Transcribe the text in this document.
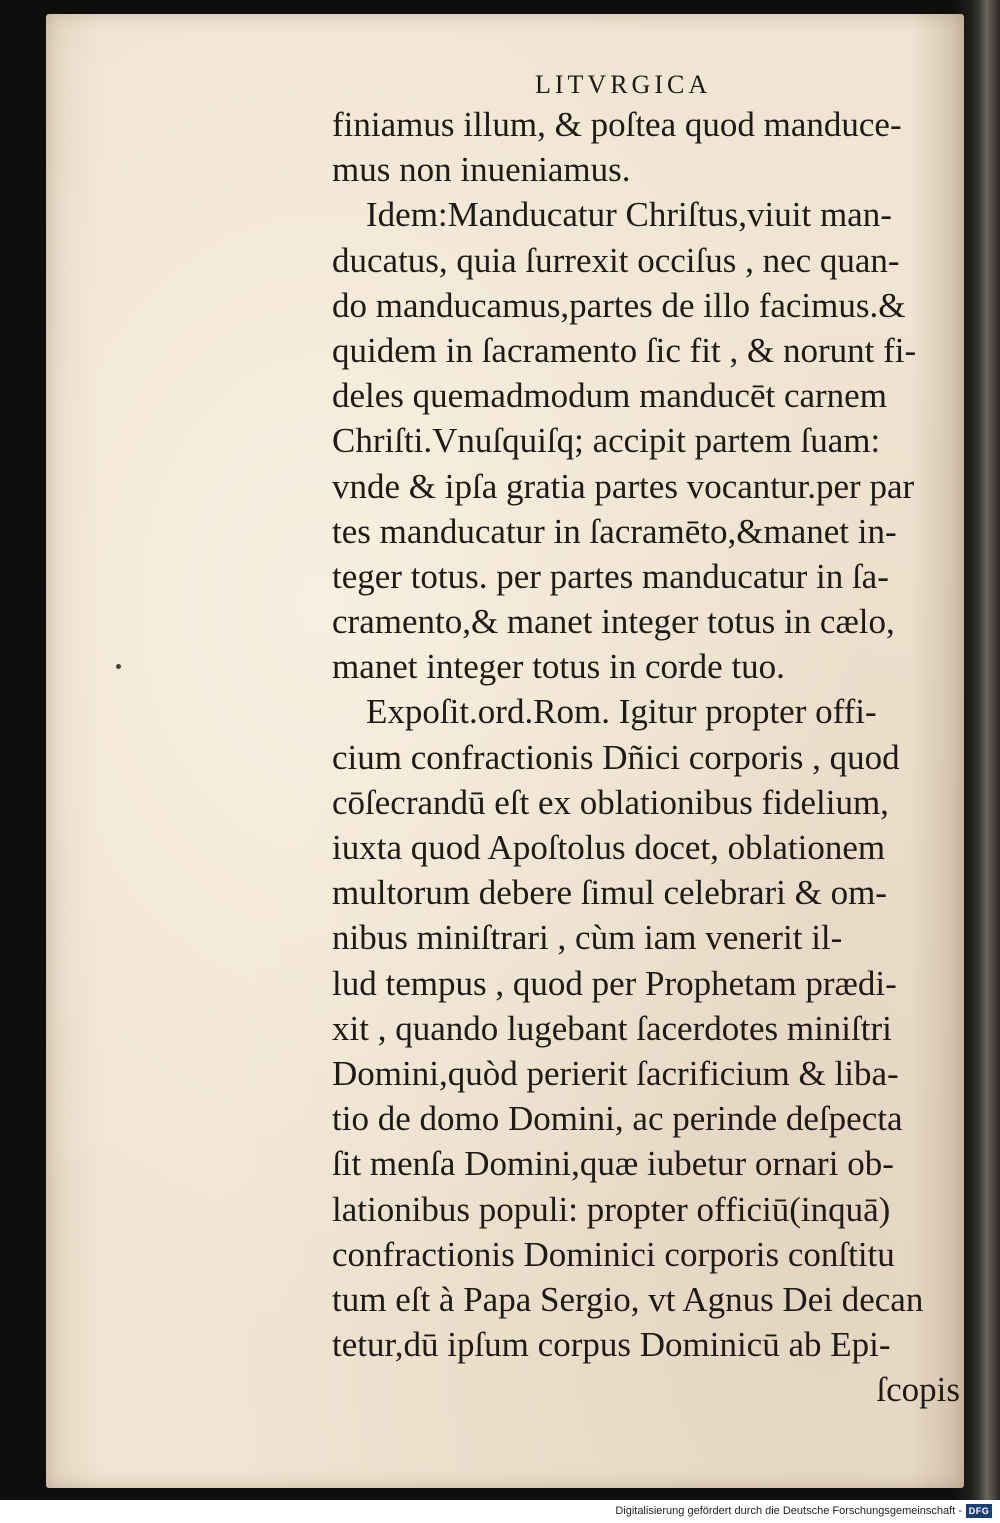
LITVRGICA
finiamus illum, & poſtea quod manduce-
mus non inueniamus.
Idem:Manducatur Chriſtus,viuit man-
ducatus, quia ſurrexit occiſus , nec quan-
do manducamus,partes de illo facimus.&
quidem in ſacramento ſic fit , & norunt fi-
deles quemadmodum manducēt carnem
Chriſti.Vnuſquiſq; accipit partem ſuam:
vnde & ipſa gratia partes vocantur.per par
tes manducatur in ſacramēto,&manet in-
teger totus. per partes manducatur in ſa-
cramento,& manet integer totus in cælo,
manet integer totus in corde tuo.
Expoſit.ord.Rom. Igitur propter offi-
cium confractionis Dñici corporis , quod
cōſecrandū eſt ex oblationibus fidelium,
iuxta quod Apoſtolus docet, oblationem
multorum debere ſimul celebrari & om-
nibus miniſtrari , cùm iam venerit il-
lud tempus , quod per Prophetam prædi-
xit , quando lugebant ſacerdotes miniſtri
Domini,quòd perierit ſacrificium & liba-
tio de domo Domini, ac perinde deſpecta
ſit menſa Domini,quæ iubetur ornari ob-
lationibus populi: propter officiū(inquā)
confractionis Dominici corporis conſtitu
tum eſt à Papa Sergio, vt Agnus Dei decan
tetur,dū ipſum corpus Dominicū ab Epi-
ſcopis
Digitalisierung gefördert durch die Deutsche Forschungsgemeinschaft - DFG
